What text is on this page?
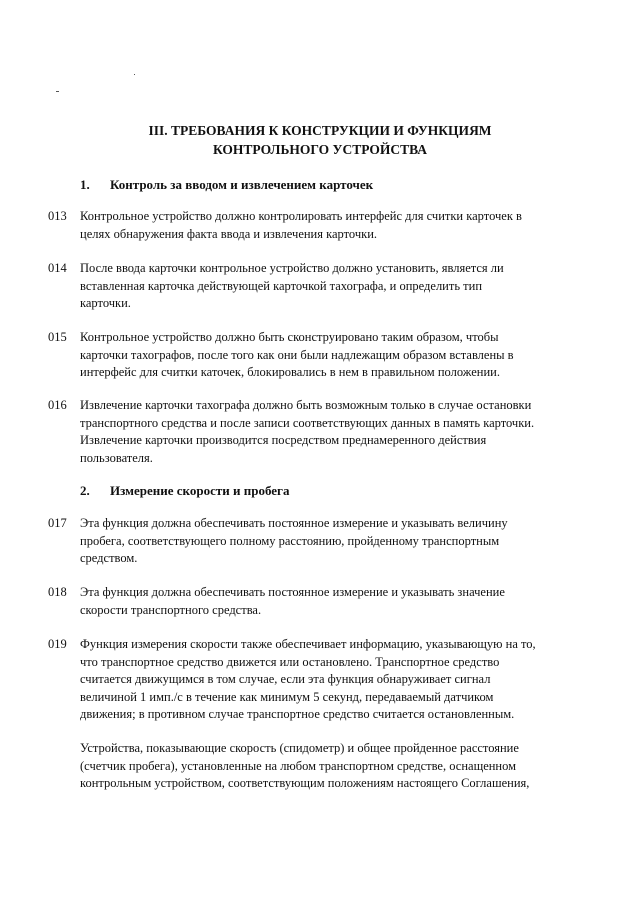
III. ТРЕБОВАНИЯ К КОНСТРУКЦИИ И ФУНКЦИЯМ
КОНТРОЛЬНОГО УСТРОЙСТВА
1. Контроль за вводом и извлечением карточек
013 Контрольное устройство должно контролировать интерфейс для считки карточек в
целях обнаружения факта ввода и извлечения карточки.
014 После ввода карточки контрольное устройство должно установить, является ли
вставленная карточка действующей карточкой тахографа, и определить тип
карточки.
015 Контрольное устройство должно быть сконструировано таким образом, чтобы
карточки тахографов, после того как они были надлежащим образом вставлены в
интерфейс для считки каточек, блокировались в нем в правильном положении.
016 Извлечение карточки тахографа должно быть возможным только в случае остановки
транспортного средства и после записи соответствующих данных в память карточки.
Извлечение карточки производится посредством преднамеренного действия
пользователя.
2. Измерение скорости и пробега
017 Эта функция должна обеспечивать постоянное измерение и указывать величину
пробега, соответствующего полному расстоянию, пройденному транспортным
средством.
018 Эта функция должна обеспечивать постоянное измерение и указывать значение
скорости транспортного средства.
019 Функция измерения скорости также обеспечивает информацию, указывающую на то,
что транспортное средство движется или остановлено. Транспортное средство
считается движущимся в том случае, если эта функция обнаруживает сигнал
величиной 1 имп./с в течение как минимум 5 секунд, передаваемый датчиком
движения; в противном случае транспортное средство считается остановленным.
Устройства, показывающие скорость (спидометр) и общее пройденное расстояние
(счетчик пробега), установленные на любом транспортном средстве, оснащенном
контрольным устройством, соответствующим положениям настоящего Соглашения,
